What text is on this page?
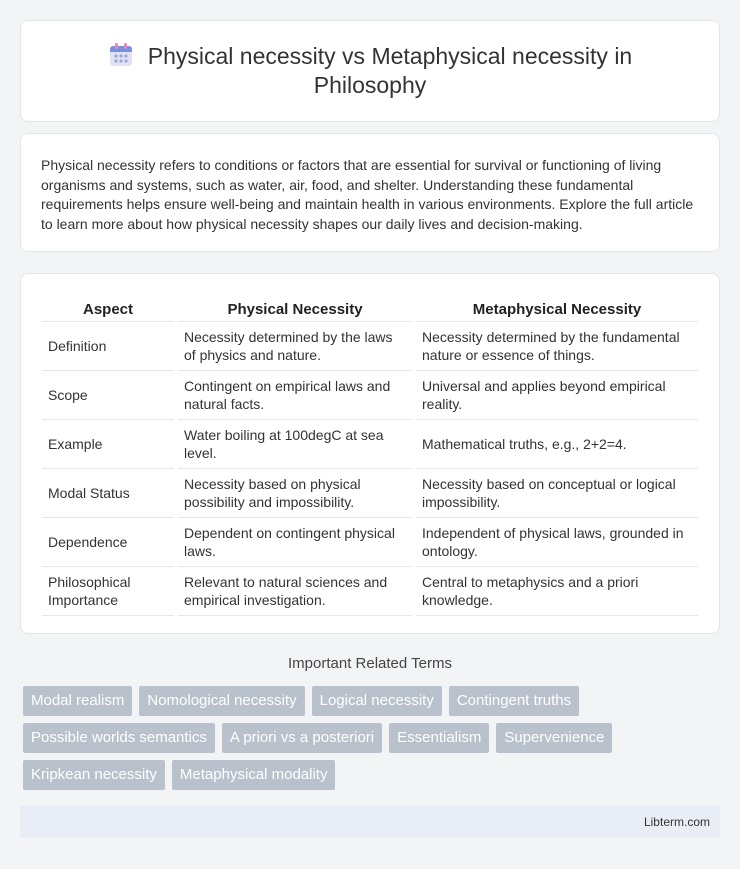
Physical necessity vs Metaphysical necessity in Philosophy

Physical necessity refers to conditions or factors that are essential for survival or functioning of living organisms and systems, such as water, air, food, and shelter. Understanding these fundamental requirements helps ensure well-being and maintain health in various environments. Explore the full article to learn more about how physical necessity shapes our daily lives and decision-making.

Aspect	Physical Necessity	Metaphysical Necessity
Definition	Necessity determined by the laws of physics and nature.	Necessity determined by the fundamental nature or essence of things.
Scope	Contingent on empirical laws and natural facts.	Universal and applies beyond empirical reality.
Example	Water boiling at 100degC at sea level.	Mathematical truths, e.g., 2+2=4.
Modal Status	Necessity based on physical possibility and impossibility.	Necessity based on conceptual or logical impossibility.
Dependence	Dependent on contingent physical laws.	Independent of physical laws, grounded in ontology.
Philosophical Importance	Relevant to natural sciences and empirical investigation.	Central to metaphysics and a priori knowledge.
Important Related Terms
Modal realism	Nomological necessity	Logical necessity	Contingent truths
Possible worlds semantics	A priori vs a posteriori	Essentialism	Supervenience
Kripkean necessity	Metaphysical modality
Libterm.com
